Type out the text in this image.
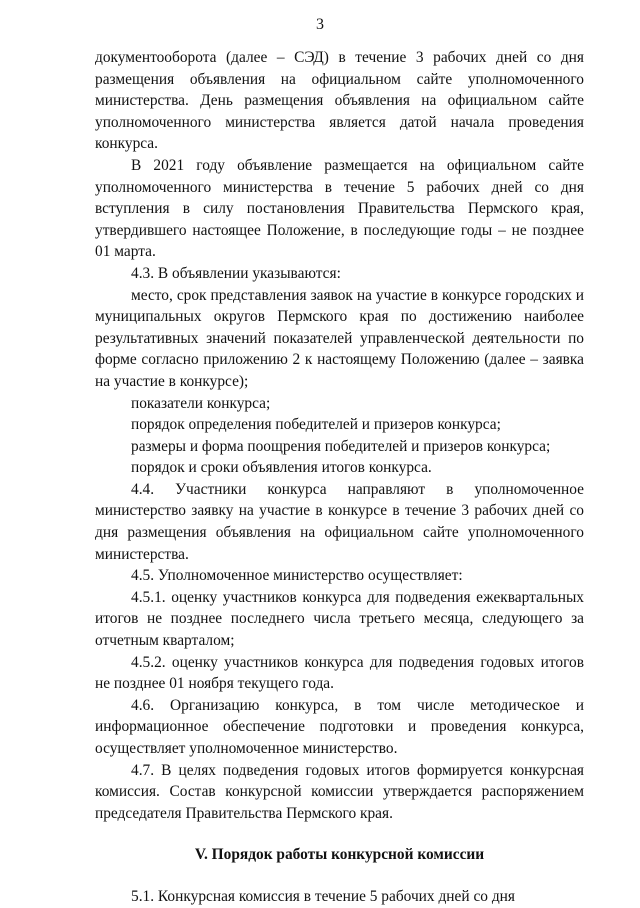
3

документооборота (далее – СЭД) в течение 3 рабочих дней со дня размещения объявления на официальном сайте уполномоченного министерства. День размещения объявления на официальном сайте уполномоченного министерства является датой начала проведения конкурса.

В 2021 году объявление размещается на официальном сайте уполномоченного министерства в течение 5 рабочих дней со дня вступления в силу постановления Правительства Пермского края, утвердившего настоящее Положение, в последующие годы – не позднее 01 марта.

4.3. В объявлении указываются:

место, срок представления заявок на участие в конкурсе городских и муниципальных округов Пермского края по достижению наиболее результативных значений показателей управленческой деятельности по форме согласно приложению 2 к настоящему Положению (далее – заявка на участие в конкурсе);

показатели конкурса;

порядок определения победителей и призеров конкурса;

размеры и форма поощрения победителей и призеров конкурса;

порядок и сроки объявления итогов конкурса.

4.4. Участники конкурса направляют в уполномоченное министерство заявку на участие в конкурсе в течение 3 рабочих дней со дня размещения объявления на официальном сайте уполномоченного министерства.

4.5. Уполномоченное министерство осуществляет:

4.5.1. оценку участников конкурса для подведения ежеквартальных итогов не позднее последнего числа третьего месяца, следующего за отчетным кварталом;

4.5.2. оценку участников конкурса для подведения годовых итогов не позднее 01 ноября текущего года.

4.6. Организацию конкурса, в том числе методическое и информационное обеспечение подготовки и проведения конкурса, осуществляет уполномоченное министерство.

4.7. В целях подведения годовых итогов формируется конкурсная комиссия. Состав конкурсной комиссии утверждается распоряжением председателя Правительства Пермского края.

V. Порядок работы конкурсной комиссии

5.1. Конкурсная комиссия в течение 5 рабочих дней со дня
